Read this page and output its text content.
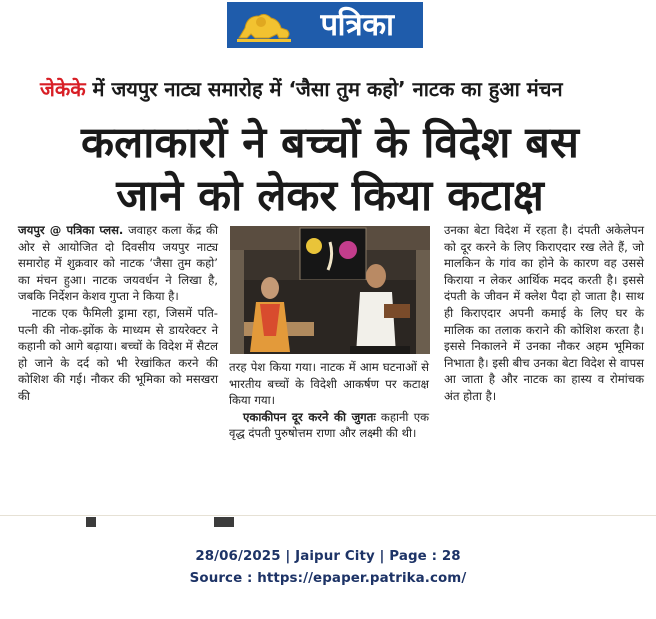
पत्रिका
जेकेके में जयपुर नाट्य समारोह में ‘जैसा तुम कहो’ नाटक का हुआ मंचन
कलाकारों ने बच्चों के विदेश बस
जाने को लेकर किया कटाक्ष

जयपुर @ पत्रिका प्लस. जवाहर कला केंद्र की ओर से आयोजित दो दिवसीय जयपुर नाट्य समारोह में शुक्रवार को नाटक ‘जैसा तुम कहो’ का मंचन हुआ। नाटक जयवर्धन ने लिखा है, जबकि निर्देशन केशव गुप्ता ने किया है।

नाटक एक फैमिली ड्रामा रहा, जिसमें पति-पत्नी की नोक-झोंक के माध्यम से डायरेक्टर ने कहानी को आगे बढ़ाया। बच्चों के विदेश में सैटल हो जाने के दर्द को भी रेखांकित करने की कोशिश की गई। नौकर की भूमिका को मसखरा की

तरह पेश किया गया। नाटक में आम घटनाओं से भारतीय बच्चों के विदेशी आकर्षण पर कटाक्ष किया गया।

एकाकीपन दूर करने की जुगतः कहानी एक वृद्ध दंपती पुरुषोत्तम राणा और लक्ष्मी की थी।

उनका बेटा विदेश में रहता है। दंपती अकेलेपन को दूर करने के लिए किराएदार रख लेते हैं, जो मालकिन के गांव का होने के कारण वह उससे किराया न लेकर आर्थिक मदद करती है। इससे दंपती के जीवन में क्लेश पैदा हो जाता है। साथ ही किराएदार अपनी कमाई के लिए घर के मालिक का तलाक कराने की कोशिश करता है। इससे निकालने में उनका नौकर अहम भूमिका निभाता है। इसी बीच उनका बेटा विदेश से वापस आ जाता है और नाटक का हास्य व रोमांचक अंत होता है।

28/06/2025 | Jaipur City | Page : 28
Source : https://epaper.patrika.com/
